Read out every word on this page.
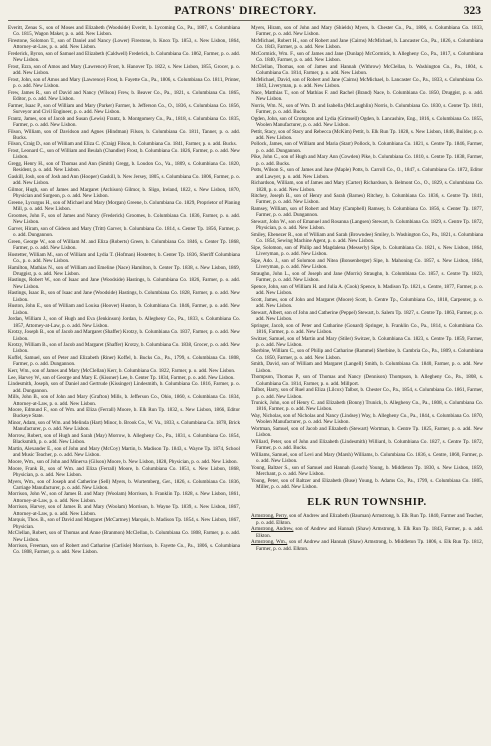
PATRONS' DIRECTORY.	323

Everitt, Zenas S., son of Moses and Elizabeth (Woodside) Everitt, b. Lycoming Co., Pa., 1807, s. Columbiana Co. 1815, Wagon Maker, p. o. add. New Lisbon.

Firestone, Solomon T., son of Daniel and Nancy (Lower) Firestone, b. Knox Tp. 1853, s. New Lisbon, 1864, Attorney-at-Law, p. o. add. New Lisbon.

Frederick, Byron, son of Samuel and Elizabeth (Caldwell) Frederick, b. Columbiana Co. 1862, Farmer, p. o. add. New Lisbon.

Frost, Ezra, son of Amos and Mary (Lawrence) Frost, b. Hanover Tp. 1822, s. New Lisbon, 1855, Grocer, p. o. add. New Lisbon.

Frost, John, son of Amos and Mary (Lawrence) Frost, b. Fayette Co., Pa., 1806, s. Columbiana Co. 1811, Printer, p. o. add. New Lisbon.

Frew, James R., son of David and Nancy (Wilson) Frew, b. Beaver Co., Pa., 1821, s. Columbiana Co. 1865, Editor, p. o. add. New Lisbon.

Farmer, Isaac P., son of William and Mary (Parker) Farmer, b. Jefferson Co., O., 1836, s. Columbiana Co. 1856, Surveyor and Civil Engineer, p. o. add. New Lisbon.

Frantz, James, son of Jacob and Susan (Lewis) Frantz, b. Montgomery Co., Pa., 1818, s. Columbiana Co. 1835, Farmer, p. o. add. New Lisbon.

Filson, William, son of Davidson and Agnes (Hindman) Filson, b. Columbiana Co. 1811, Tanner, p. o. add. Bucks.

Filson, Craig D., son of William and Eliza C. (Craig) Filson, b. Columbiana Co. 1841, Farmer, p. o. add. Bucks.

Frost, Leonard C., son of William and Beulah (Chandler) Frost, b. Columbiana Co. 1826, Farmer, p. o. add. New Lisbon.

Gregg, Henry H., son of Thomas and Ann (Smith) Gregg, b. Loudon Co., Va., 1809, s. Columbiana Co. 1820, Resident, p. o. add. New Lisbon.

Gaskill, Josh, son of Josh and Ann (Hooper) Gaskill, b. New Jersey, 1805, s. Columbiana Co. 1806, Farmer, p. o. add. New Lisbon.

Gilmor, Hugh, son of James and Margaret (Atchison) Gilmor, b. Sligo, Ireland, 1822, s. New Lisbon, 1870, Physician and Surgeon, p. o. add. New Lisbon.

Greene, Lycurgus H., son of Michael and Mary (Morgan) Greene, b. Columbiana Co. 1829, Proprietor of Planing Mill, p. o. add. New Lisbon.

Groomes, John F., son of James and Nancy (Frederick) Groomes, b. Columbiana Co. 1836, Farmer, p. o. add. New Lisbon.

Garver, Hiram, son of Gideon and Mary (Tritt) Garver, b. Columbiana Co. 1814, s. Center Tp. 1856, Farmer, p. o. add. Dungannon.

Green, George W., son of William M. and Eliza (Roberts) Green, b. Columbiana Co. 1846, s. Center Tp. 1868, Farmer, p. o. add. New Lisbon.

Hostetter, William M., son of William and Lydia T. (Hofman) Hostetter, b. Center Tp. 1836, Sheriff Columbiana Co., p. o. add. New Lisbon.

Hamilton, Mathias N., son of William and Emeline (Nace) Hamilton, b. Center Tp. 1838, s. New Lisbon, 1869, Druggist, p. o. add. New Lisbon.

Hastings, Robert W., son of Isaac and Jane (Woodside) Hastings, b. Columbiana Co. 1826, Farmer, p. o. add. New Lisbon.

Hastings, Isaac B., son of Isaac and Jane (Woodside) Hastings, b. Columbiana Co. 1828, Farmer, p. o. add. New Lisbon.

Huston, John E., son of William and Louisa (Hoover) Huston, b. Columbiana Co. 1846, Farmer, p. o. add. New Lisbon.

Jordan, William J., son of Hugh and Eva (Jenkinson) Jordan, b. Allegheny Co., Pa., 1833, s. Columbiana Co. 1857, Attorney-at-Law, p. o. add. New Lisbon.

Krotzy, Joseph B., son of Jacob and Margaret (Shaffer) Krotzy, b. Columbiana Co. 1837, Farmer, p. o. add. New Lisbon.

Krotzy, William B., son of Jacob and Margaret (Shaffer) Krotzy, b. Columbiana Co. 1838, Grocer, p. o. add. New Lisbon.

Koffel, Samuel, son of Peter and Elizabeth (Riner) Koffel, b. Bucks Co., Pa., 1799, s. Columbiana Co. 1808, Farmer, p. o. add. Dungannon.

Kerr, Wm., son of James and Mary (McClellan) Kerr, b. Columbiana Co. 1822, Farmer, p. o. add. New Lisbon.

Lee, Harvey W., son of George and Mary E. (Kissner) Lee, b. Center Tp. 1834, Farmer, p. o. add. New Lisbon.

Lindesmith, Joseph, son of Daniel and Gertrude (Kissinger) Lindesmith, b. Columbiana Co. 1816, Farmer, p. o. add. Dungannon.

Mills, John B., son of John and Mary (Grafton) Mills, b. Jefferson Co., Ohio, 1860, s. Columbiana Co. 1834, Attorney-at-Law, p. o. add. New Lisbon.

Moore, Edmund F., son of Wm. and Eliza (Ferrall) Moore, b. Elk Run Tp. 1832, s. New Lisbon, 1866, Editor Buckeye State.

Minor, Adam, son of Wm. and Melinda (Hart) Minor, b. Brook Co., W. Va., 1833, s. Columbiana Co. 1878, Brick Manufacturer, p. o. add. New Lisbon.

Morrow, Robert, son of Hugh and Sarah (May) Morrow, b. Allegheny Co., Pa., 1831, s. Columbiana Co. 1854, Blacksmith, p. o. add. New Lisbon.

Martin, Alexander E., son of John and Mary (McCoy) Martin, b. Madison Tp. 1843, s. Wayne Tp. 1874, School and Music Teacher, p. o. add. New Lisbon.

Moore, Wm., son of John and Minerva (Gilson) Moore, b. New Lisbon, 1828, Physician, p. o. add. New Lisbon.

Moore, Frank B., son of Wm. and Eliza (Ferrall) Moore, b. Columbiana Co. 1851, s. New Lisbon, 1868, Physician, p. o. add. New Lisbon.

Myers, Wm., son of Joseph and Catherine (Sell) Myers, b. Wurtemberg, Ger., 1826, s. Columbiana Co. 1836, Carriage Manufacturer, p. o. add. New Lisbon.

Morrison, John W., son of James B. and Mary (Woolam) Morrison, b. Franklin Tp. 1828, s. New Lisbon, 1861, Attorney-at-Law, p. o. add. New Lisbon.

Morrison, Harvey, son of James B. and Mary (Woolam) Morrison, b. Wayne Tp. 1839, s. New Lisbon, 1867, Attorney-at-Law, p. o. add. New Lisbon.

Marquis, Thos. B., son of David and Margaret (McCartney) Marquis, b. Madison Tp. 1854, s. New Lisbon, 1867, Physician.

McClellan, Robert, son of Thomas and Anne (Branmon) McClellan, b. Columbiana Co. 1808, Farmer, p. o. add. New Lisbon.

Morrison, Freeman, son of Robert and Catharine (Carlisle) Morrison, b. Fayette Co., Pa., 1806, s. Columbiana Co. 1808, Farmer, p. o. add. New Lisbon.

Myers, Hiram, son of John and Mary (Shields) Myers, b. Chester Co., Pa., 1806, s. Columbiana Co. 1833, Farmer, p. o. add. New Lisbon.

McMichael, Robert H., son of Robert and Jane (Cairns) McMichael, b. Lancaster Co., Pa., 1826, s. Columbiana Co. 1843, Farmer, p. o. add. New Lisbon.

McCormick, Wm. F., son of James and Jane (Dunlap) McCormick, b. Allegheny Co., Pa., 1817, s. Columbiana Co. 1840, Farmer, p. o. add. New Lisbon.

McClellan, Thomas, son of James and Hannah (Withrow) McClellan, b. Washington Co., Pa., 1804, s. Columbiana Co. 1814, Farmer, p. o. add. New Lisbon.

McMichael, David, son of Robert and Jane (Cairns) McMichael, b. Lancaster Co., Pa., 1833, s. Columbiana Co. 1843, Liveryman, p. o. add. New Lisbon.

Nace, Matthias T., son of Mathias F. and Rachel (Brand) Nace, b. Columbiana Co. 1850, Druggist, p. o. add. New Lisbon.

Norris, Wm. N., son of Wm. D. and Isabella (McLaughlin) Norris, b. Columbiana Co. 1830, s. Center Tp. 1841, Farmer, p. o. add. Bucks.

Ogden, John, son of Crompton and Lydia (Grimsell) Ogden, b. Lancashire, Eng., 1816, s. Columbiana Co. 1855, Woolen Manufacturer, p. o. add. New Lisbon.

Pettit, Stacy, son of Stacy and Rebecca (McKim) Pettit, b. Elk Run Tp. 1828, s. New Lisbon, 1846, Builder, p. o. add. New Lisbon.

Pollock, James, son of William and Maria (Starr) Pollock, b. Columbiana Co. 1821, s. Centre Tp. 1846, Farmer, p. o. add. Dungannon.

Pike, John C., son of Hugh and Mary Ann (Cowden) Pike, b. Columbiana Co. 1810, s. Centre Tp. 1838, Farmer, p. o. add. Bucks.

Potts, Wilson S., son of James and Jane (Maple) Potts, b. Carroll Co., O., 1847, s. Columbiana Co. 1872, Editor and Lawyer, p. o. add. New Lisbon.

Richardson, William, son of James and Mary (Carter) Richardson, b. Belmont Co., O., 1829, s. Columbiana Co. 1828, p. o. add. New Lisbon.

Ritchey, Joseph B., son of Henry and Sarah (Barnes) Ritchey, b. Columbiana Co. 1836, s. Centre Tp. 1841, Farmer, p. o. add. New Lisbon.

Ramsey, William, son of Robert and Mary (Campbell) Ramsey, b. Columbiana Co. 1856, s. Center Tp. 1877, Farmer, p. o. add. Dungannon.

Stewart, John W., son of Emanuel and Rosanna (Langsen) Stewart, b. Columbiana Co. 1829, s. Centre Tp. 1872, Physician, p. o. add. New Lisbon.

Smiley, Ebenezer R., son of William and Sarah (Browndee) Smiley, b. Washington Co., Pa., 1821, s. Columbiana Co. 1854, Sewing Machine Agent, p. o. add. New Lisbon.

Sipe, Solomon, son of Philip and Magdalena (Messerly) Sipe, b. Columbiana Co. 1821, s. New Lisbon, 1864, Liveryman, p. o. add. New Lisbon.

Sipe, Ado. J., son of Solomon and Nitea (Bonsenberger) Sipe, b. Mahoning Co. 1857, s. New Lisbon, 1864, Liveryman, p. o. add. New Lisbon.

Straughn, John L., son of Joseph and Jane (Morris) Straughn, b. Columbiana Co. 1857, s. Centre Tp. 1823, Farmer, p. o. add. New Lisbon.

Spence, John, son of William H. and Julia A. (Cook) Spence, b. Madison Tp. 1821, s. Centre, 1877, Farmer, p. o. add. New Lisbon.

Scott, James, son of John and Margaret (Moore) Scott, b. Centre Tp., Columbiana Co., 1818, Carpenter, p. o. add. New Lisbon.

Stewart, Albert, son of John and Catherine (Peppel) Stewart, b. Salem Tp. 1827, s. Centre Tp. 1863, Farmer, p. o. add. New Lisbon.

Springer, Jacob, son of Peter and Catharine (Gonard) Springer, b. Franklin Co., Pa., 1814, s. Columbiana Co. 1816, Farmer, p. o. add. New Lisbon.

Switzer, Samuel, son of Martin and Mary (Stiler) Switzer, b. Columbiana Co. 1823, s. Centre Tp. 1859, Farmer, p. o. add. New Lisbon.

Sherbine, William C., son of Philip and Catharine (Rammel) Sherbine, b. Cambria Co., Pa., 1809, s. Columbiana Co. 1850, Farmer, p. o. add. New Lisbon.

Smith, David, son of William and Margaret (Langell) Smith, b. Columbiana Co. 1840, Farmer, p. o. add. New Lisbon.

Thompson, Thomas P., son of Thomas and Nancy (Dennison) Thompson, b. Allegheny Co., Pa., 1808, s. Columbiana Co. 1814, Farmer, p. o. add. Millport.

Talbot, Harry, son of Ruel and Eliza (Lilcox) Talbot, b. Chester Co., Pa., 1854, s. Columbiana Co. 1861, Farmer, p. o. add. New Lisbon.

Trunick, John, son of Henry C. and Elizabeth (Bonny) Trunick, b. Allegheny Co., Pa., 1808, s. Columbiana Co. 1816, Farmer, p. o. add. New Lisbon.

Way, Nicholas, son of Nicholas and Nancy (Lindsey) Way, b. Allegheny Co., Pa., 1844, s. Columbiana Co. 1870, Woolen Manufacturer, p. o. add. New Lisbon.

Wortman, Samuel, son of Jacob and Elizabeth (Stewart) Wortman, b. Centre Tp. 1825, Farmer, p. o. add. New Lisbon.

Williard, Peter, son of John and Elizabeth (Lindesmith) Williard, b. Columbiana Co. 1827, s. Centre Tp. 1872, Farmer, p. o. add. Bucks.

Williams, Samuel, son of Levi and Mary (Marsh) Williams, b. Columbiana Co. 1836, s. Centre, 1860, Farmer, p. o. add. New Lisbon.

Young, Baltzer S., son of Samuel and Hannah (Leach) Young, b. Middleton Tp. 1830, s. New Lisbon, 1859, Merchant, p. o. add. New Lisbon.

Young, Peter, son of Baltzer and Elizabeth (Buse) Young, b. Adams Co., Pa., 1799, s. Columbiana Co. 1805, Miller, p. o. add. New Lisbon.

ELK RUN TOWNSHIP.

Armstrong, Perry, son of Andrew and Elizabeth (Bauman) Armstrong, b. Elk Run Tp. 1840, Farmer and Teacher, p. o. add. Elkton.

Armstrong, Andrew, son of Andrew and Hannah (Shaw) Armstrong, b. Elk Run Tp. 1843, Farmer, p. o. add. Elkton.

Armstrong, Wm., son of Andrew and Hannah (Shaw) Armstrong, b. Middleton Tp. 1806, s. Elk Run Tp. 1812, Farmer, p. o. add. Elkton.
